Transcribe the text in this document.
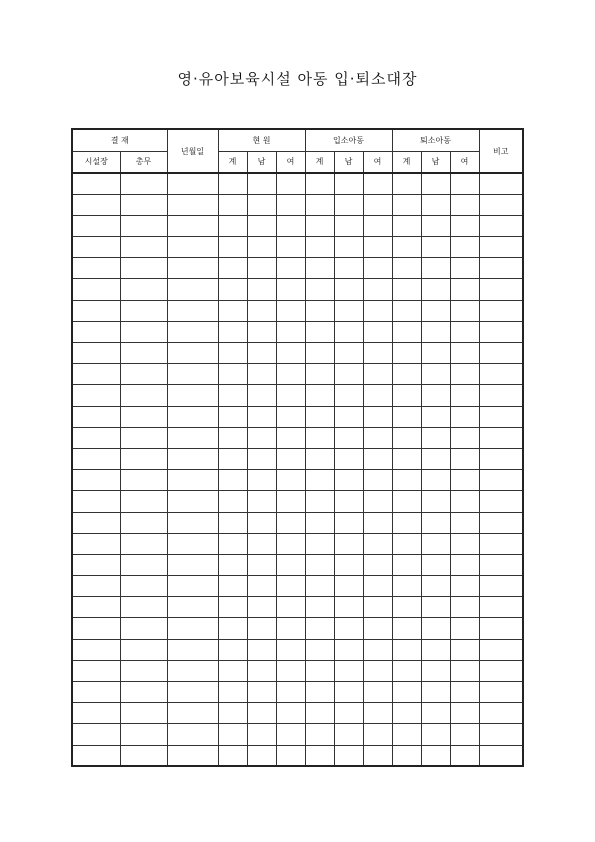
영·유아보육시설 아동 입·퇴소대장
결 재		년월일	현 원			입소아동			퇴소아동			비고
시설장	총무		계	남	여	계	남	여	계	남	여	
